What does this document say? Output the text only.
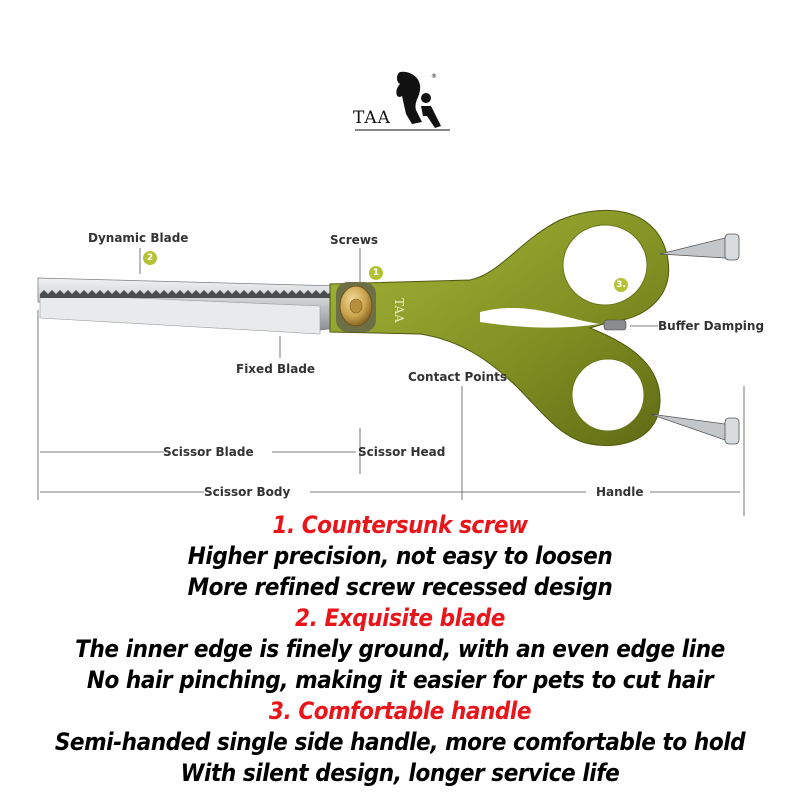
®
TAA
TAA
2
1
3.
Dynamic Blade	Screws
Buffer Damping
Fixed Blade
Contact Points
Scissor Blade	Scissor Head
Scissor Body	Handle
1. Countersunk screw
Higher precision, not easy to loosen
More refined screw recessed design
2. Exquisite blade
The inner edge is finely ground, with an even edge line
No hair pinching, making it easier for pets to cut hair
3. Comfortable handle
Semi-handed single side handle, more comfortable to hold
With silent design, longer service life
